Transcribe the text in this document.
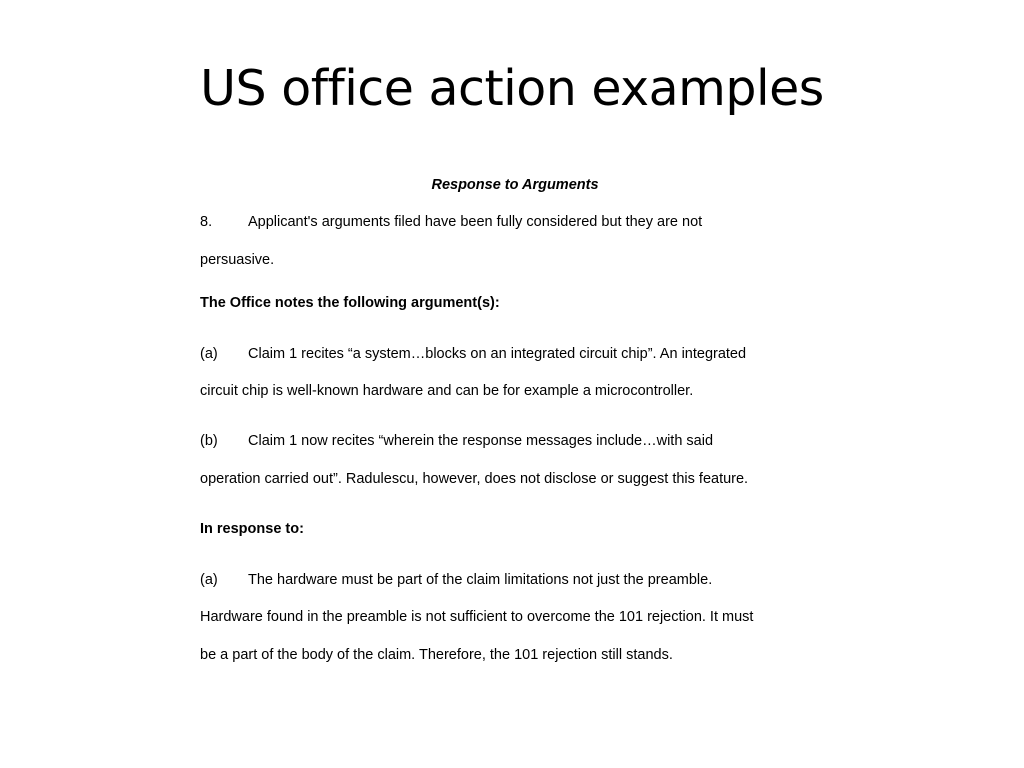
US office action examples
Response to Arguments
8. Applicant's arguments filed have been fully considered but they are not
persuasive.
The Office notes the following argument(s):
(a) Claim 1 recites “a system…blocks on an integrated circuit chip”. An integrated
circuit chip is well-known hardware and can be for example a microcontroller.
(b) Claim 1 now recites “wherein the response messages include…with said
operation carried out”. Radulescu, however, does not disclose or suggest this feature.
In response to:
(a) The hardware must be part of the claim limitations not just the preamble.
Hardware found in the preamble is not sufficient to overcome the 101 rejection. It must
be a part of the body of the claim. Therefore, the 101 rejection still stands.
